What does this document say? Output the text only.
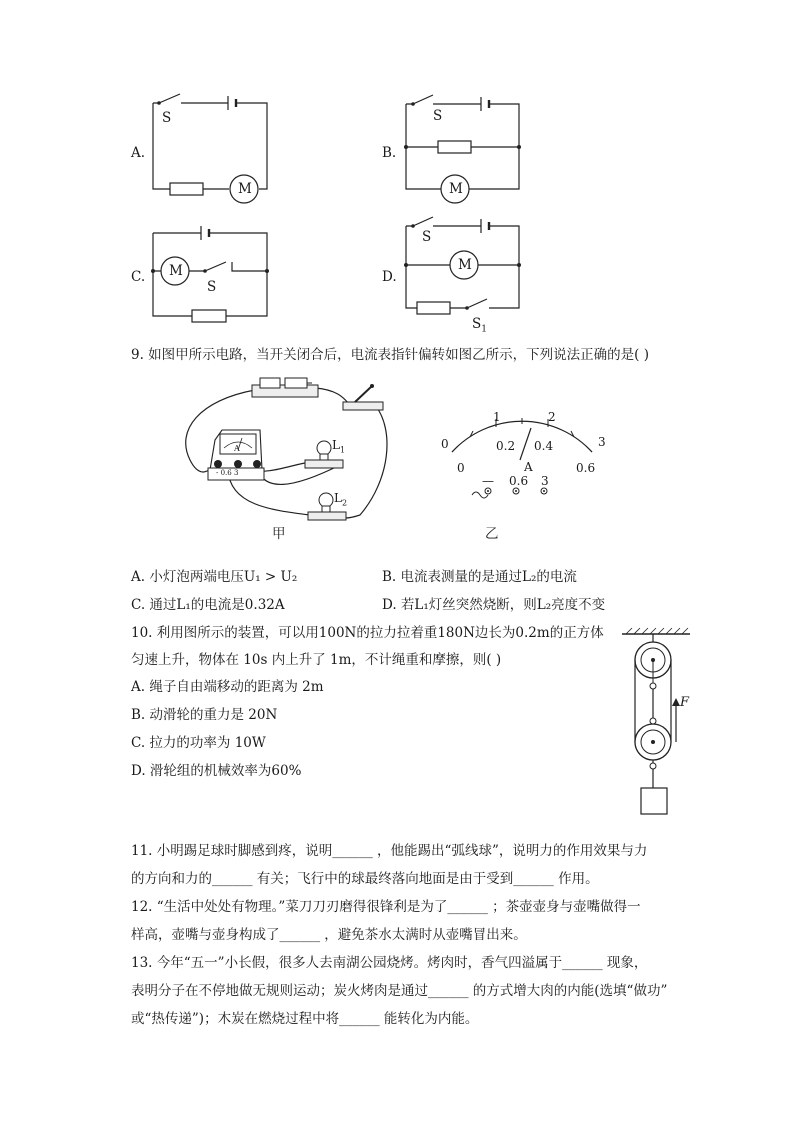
A.
S
M
B.
S
M
C.
S
M	D.
S
$S_1$
M
9. 如图甲所示电路，当开关闭合后，电流表指针偏转如图乙所示，下列说法正确的是( )
$L_1$
$L_2$
A
- 0.6 3
甲
0
1	2
3
0
0.2 0.4
0.6
A
— 0.6 3
乙
A. 小灯泡两端电压U₁ > U₂	B. 电流表测量的是通过L₂的电流
C. 通过L₁的电流是0.32A	D. 若L₁灯丝突然烧断，则L₂亮度不变
10. 利用图所示的装置，可以用100N的拉力拉着重180N边长为0.2m的正方体
匀速上升，物体在 10s 内上升了 1m，不计绳重和摩擦，则( )
A. 绳子自由端移动的距离为 2m
B. 动滑轮的重力是 20N
C. 拉力的功率为 10W
D. 滑轮组的机械效率为60%
F
11. 小明踢足球时脚感到疼，说明______ ，他能踢出“弧线球”，说明力的作用效果与力
的方向和力的______ 有关；飞行中的球最终落向地面是由于受到______ 作用。
12. “生活中处处有物理。”菜刀刀刃磨得很锋利是为了______ ；茶壶壶身与壶嘴做得一
样高，壶嘴与壶身构成了______ ，避免茶水太满时从壶嘴冒出来。
13. 今年“五一”小长假，很多人去南湖公园烧烤。烤肉时，香气四溢属于______ 现象，
表明分子在不停地做无规则运动；炭火烤肉是通过______ 的方式增大肉的内能(选填“做功”
或“热传递”)；木炭在燃烧过程中将______ 能转化为内能。
